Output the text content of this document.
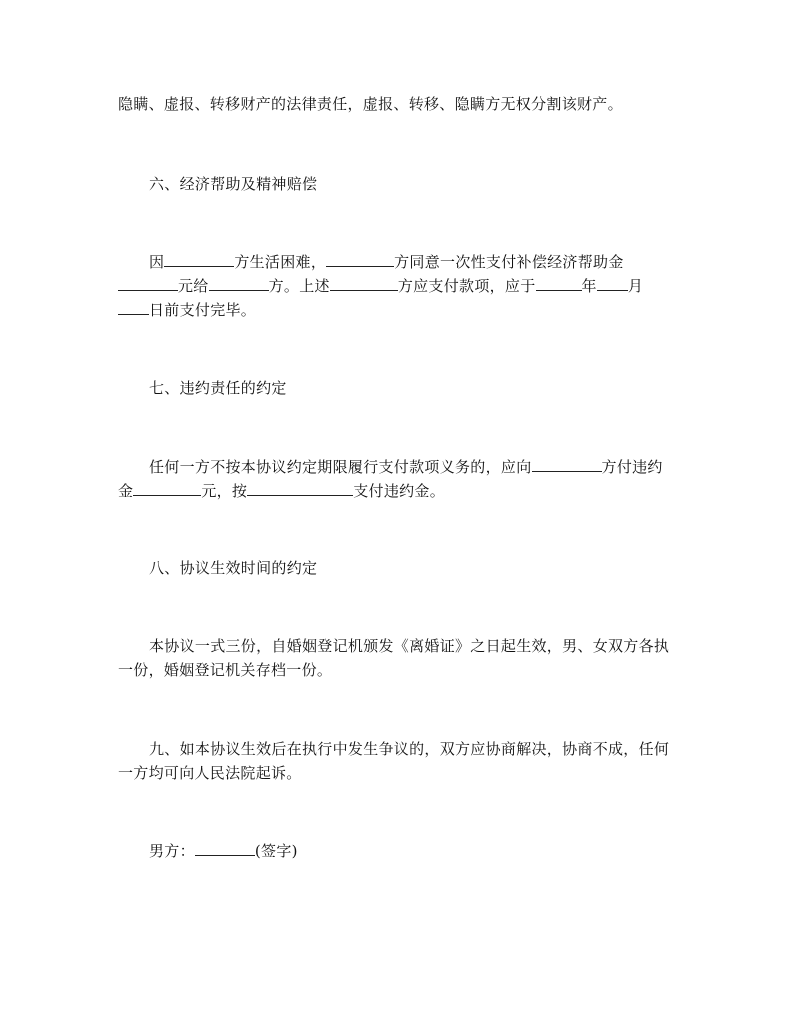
隐瞒、虚报、转移财产的法律责任，虚报、转移、隐瞒方无权分割该财产。
六、经济帮助及精神赔偿
因	方生活困难，	方同意一次性支付补偿经济帮助金
元给	方。上述	方应支付款项，应于	年 月
日前支付完毕。
七、违约责任的约定
任何一方不按本协议约定期限履行支付款项义务的，应向	方付违约
金	元，按	支付违约金。
八、协议生效时间的约定
本协议一式三份，自婚姻登记机颁发《离婚证》之日起生效，男、女双方各执
一份，婚姻登记机关存档一份。
九、如本协议生效后在执行中发生争议的，双方应协商解决，协商不成，任何
一方均可向人民法院起诉。
男方：	(签字)
